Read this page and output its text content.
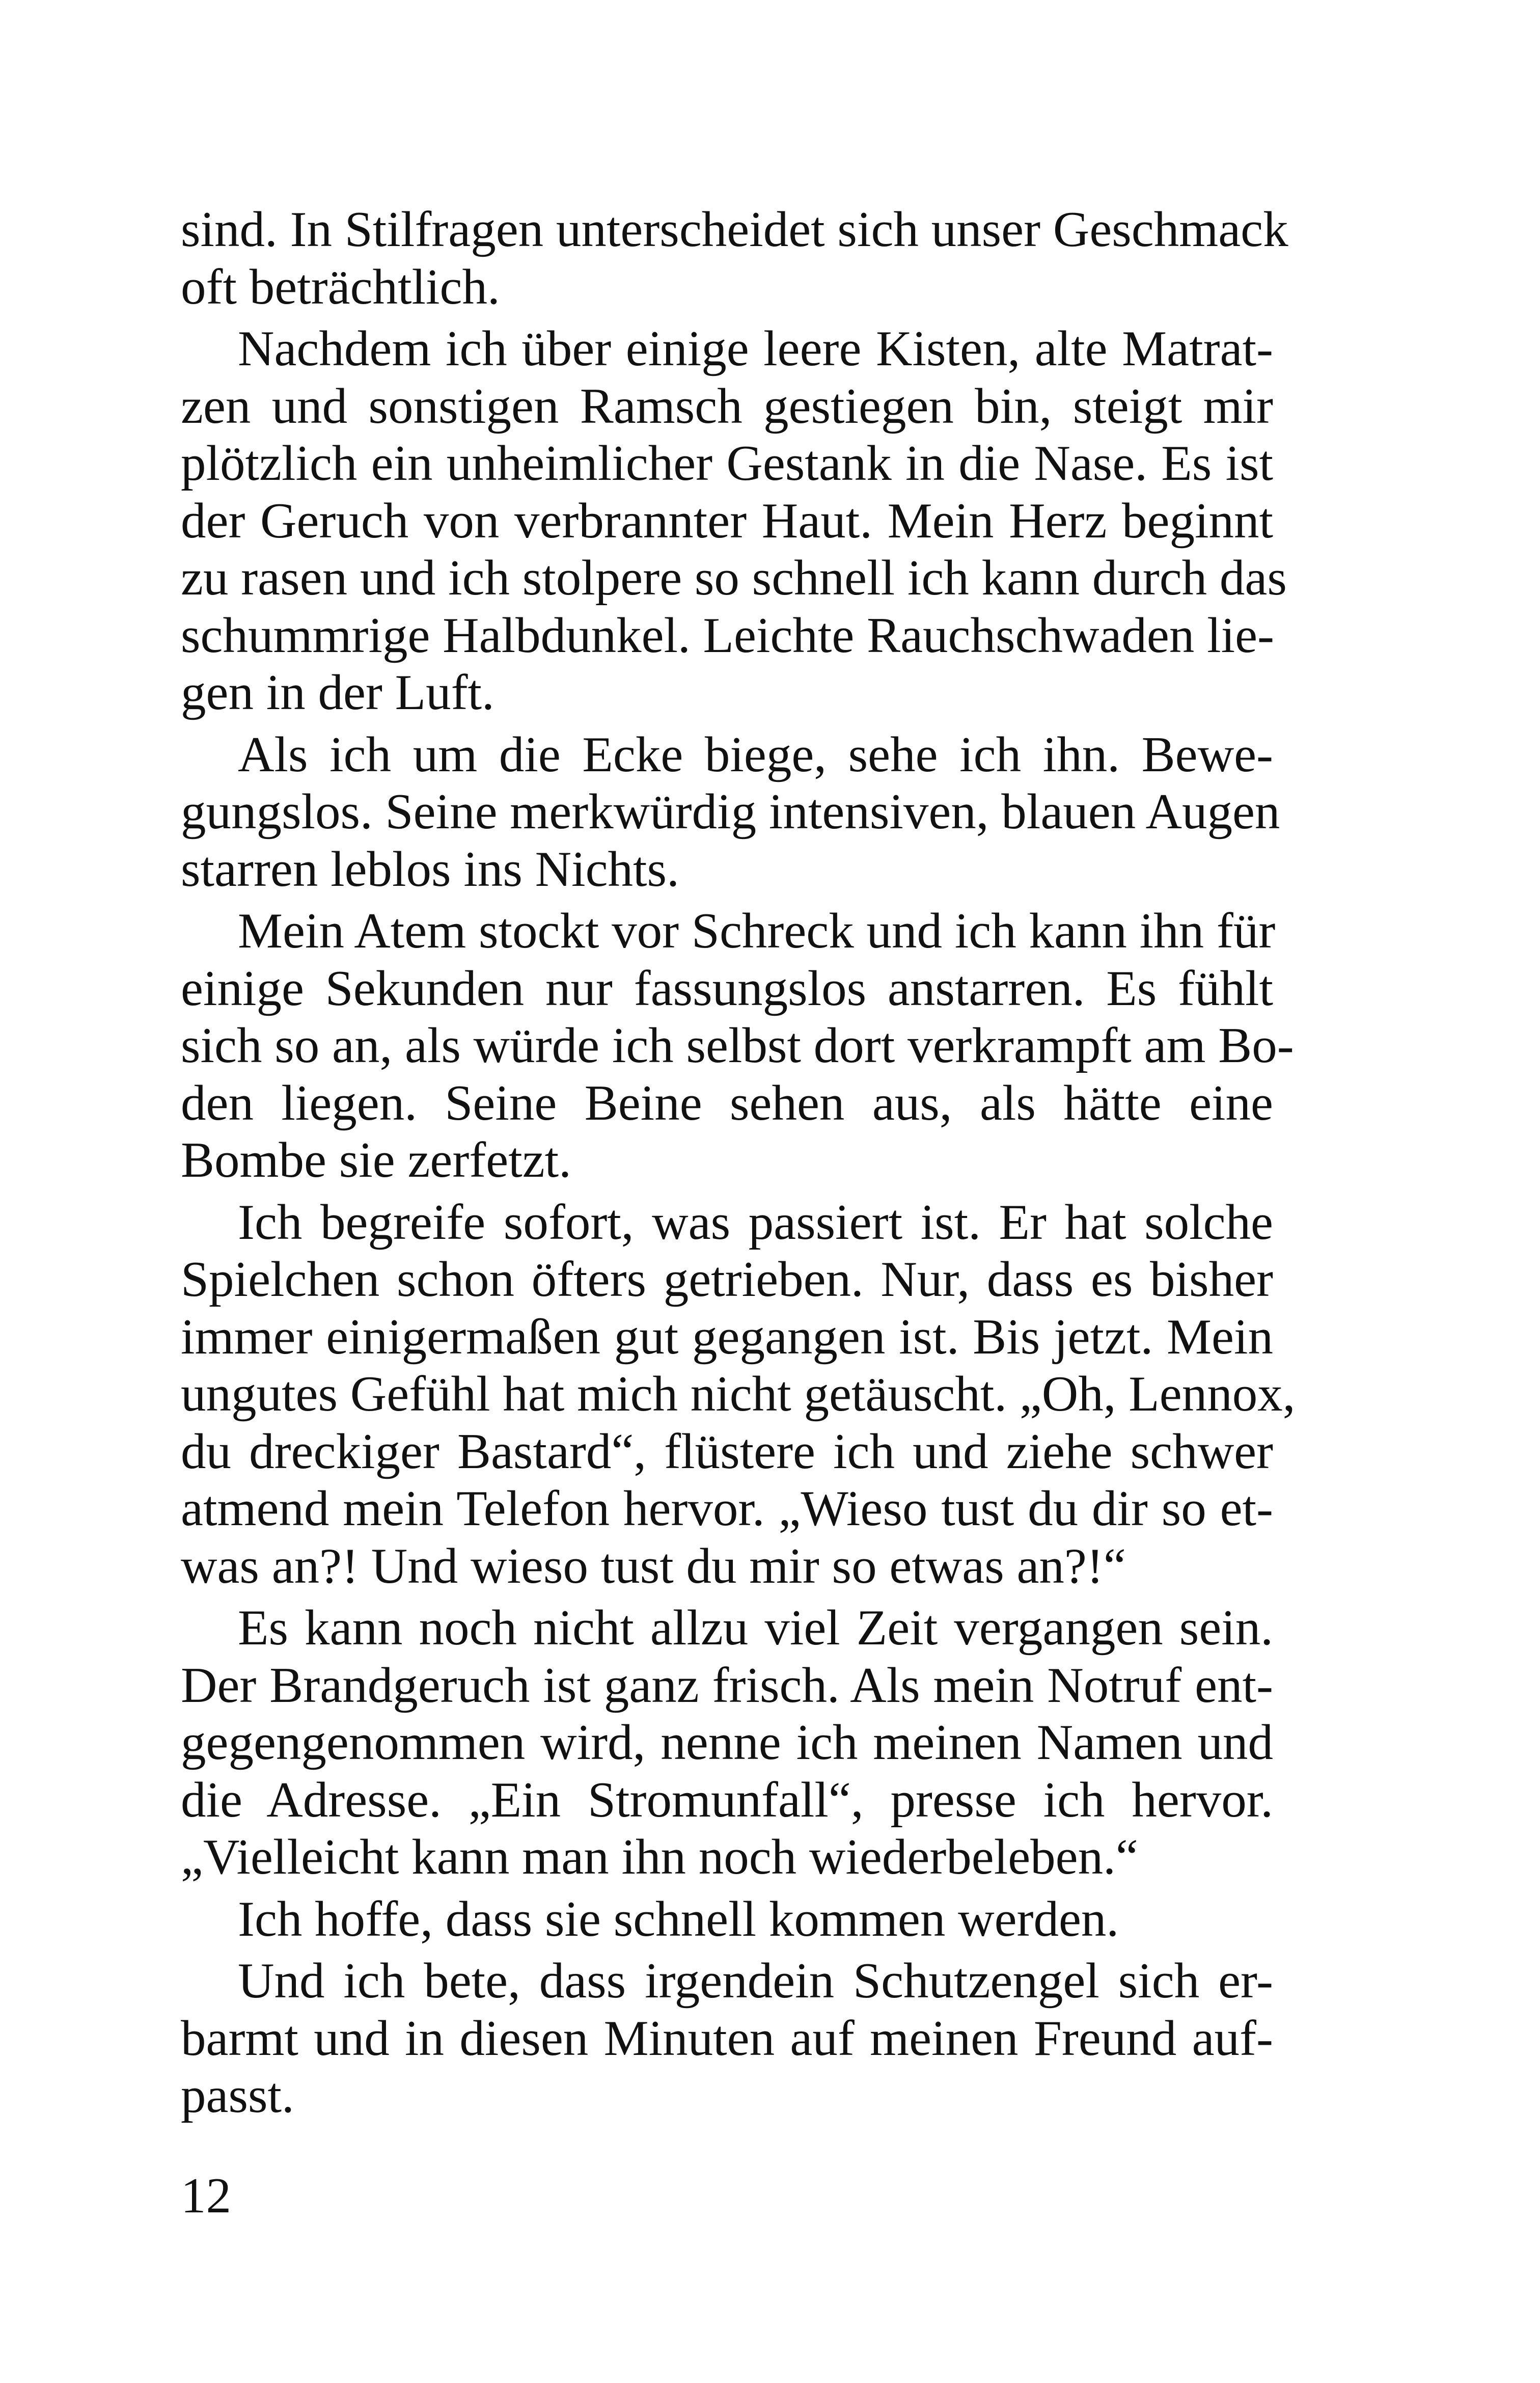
sind. In Stilfragen unterscheidet sich unser Geschmack
oft beträchtlich.
Nachdem ich über einige leere Kisten, alte Matrat-
zen und sonstigen Ramsch gestiegen bin, steigt mir
plötzlich ein unheimlicher Gestank in die Nase. Es ist
der Geruch von verbrannter Haut. Mein Herz beginnt
zu rasen und ich stolpere so schnell ich kann durch das
schummrige Halbdunkel. Leichte Rauchschwaden lie-
gen in der Luft.
Als ich um die Ecke biege, sehe ich ihn. Bewe-
gungslos. Seine merkwürdig intensiven, blauen Augen
starren leblos ins Nichts.
Mein Atem stockt vor Schreck und ich kann ihn für
einige Sekunden nur fassungslos anstarren. Es fühlt
sich so an, als würde ich selbst dort verkrampft am Bo-
den liegen. Seine Beine sehen aus, als hätte eine
Bombe sie zerfetzt.
Ich begreife sofort, was passiert ist. Er hat solche
Spielchen schon öfters getrieben. Nur, dass es bisher
immer einigermaßen gut gegangen ist. Bis jetzt. Mein
ungutes Gefühl hat mich nicht getäuscht. „Oh, Lennox,
du dreckiger Bastard“, flüstere ich und ziehe schwer
atmend mein Telefon hervor. „Wieso tust du dir so et-
was an?! Und wieso tust du mir so etwas an?!“
Es kann noch nicht allzu viel Zeit vergangen sein.
Der Brandgeruch ist ganz frisch. Als mein Notruf ent-
gegengenommen wird, nenne ich meinen Namen und
die Adresse. „Ein Stromunfall“, presse ich hervor.
„Vielleicht kann man ihn noch wiederbeleben.“
Ich hoffe, dass sie schnell kommen werden.
Und ich bete, dass irgendein Schutzengel sich er-
barmt und in diesen Minuten auf meinen Freund auf-
passt.
12
